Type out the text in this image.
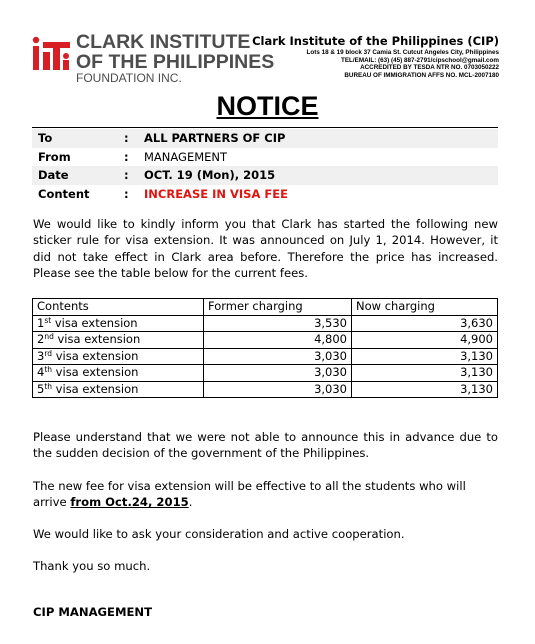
CLARK INSTITUTE
OF THE PHILIPPINES
FOUNDATION INC.
Clark Institute of the Philippines (CIP)
Lots 18 & 19 block 37 Camia St. Cutcut Angeles City, Philippines
TEL/EMAIL: (63) (45) 887-2791/cipschool@gmail.com
ACCREDITED BY TESDA NTR NO. 0703050222
BUREAU OF IMMIGRATION AFFS NO. MCL-2007180
NOTICE
To	:	ALL PARTNERS OF CIP
From	:	MANAGEMENT
Date	:	OCT. 19 (Mon), 2015
Content	:	INCREASE IN VISA FEE
We would like to kindly inform you that Clark has started the following new sticker rule for visa extension. It was announced on July 1, 2014. However, it did not take effect in Clark area before. Therefore the price has increased. Please see the table below for the current fees.
Contents	Former charging	Now charging
1st visa extension	3,530	3,630
2nd visa extension	4,800	4,900
3rd visa extension	3,030	3,130
4th visa extension	3,030	3,130
5th visa extension	3,030	3,130
Please understand that we were not able to announce this in advance due to the sudden decision of the government of the Philippines.
The new fee for visa extension will be effective to all the students who will arrive from Oct.24, 2015.
We would like to ask your consideration and active cooperation.
Thank you so much.
CIP MANAGEMENT
